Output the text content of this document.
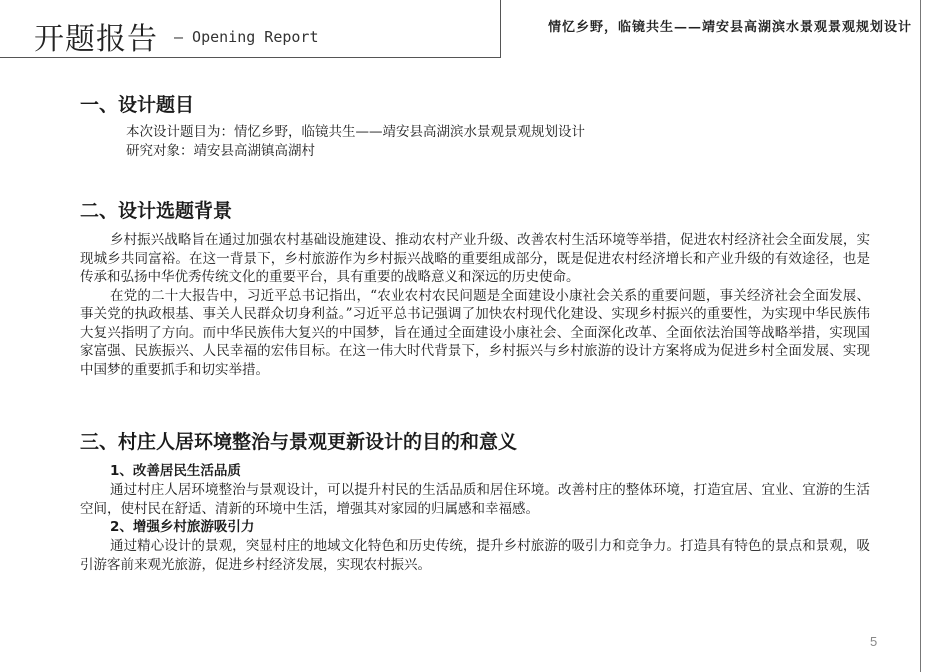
开题报告 — Opening Report
情忆乡野，临镜共生——靖安县高湖滨水景观景观规划设计
一、设计题目

本次设计题目为：情忆乡野，临镜共生——靖安县高湖滨水景观景观规划设计

研究对象：靖安县高湖镇高湖村

二、设计选题背景

乡村振兴战略旨在通过加强农村基础设施建设、推动农村产业升级、改善农村生活环境等举措，促进农村经济社会全面发展，实现城乡共同富裕。在这一背景下，乡村旅游作为乡村振兴战略的重要组成部分，既是促进农村经济增长和产业升级的有效途径，也是传承和弘扬中华优秀传统文化的重要平台，具有重要的战略意义和深远的历史使命。

在党的二十大报告中，习近平总书记指出，“农业农村农民问题是全面建设小康社会关系的重要问题，事关经济社会全面发展、事关党的执政根基、事关人民群众切身利益。”习近平总书记强调了加快农村现代化建设、实现乡村振兴的重要性，为实现中华民族伟大复兴指明了方向。而中华民族伟大复兴的中国梦，旨在通过全面建设小康社会、全面深化改革、全面依法治国等战略举措，实现国家富强、民族振兴、人民幸福的宏伟目标。在这一伟大时代背景下，乡村振兴与乡村旅游的设计方案将成为促进乡村全面发展、实现中国梦的重要抓手和切实举措。

三、村庄人居环境整治与景观更新设计的目的和意义
1、改善居民生活品质

通过村庄人居环境整治与景观设计，可以提升村民的生活品质和居住环境。改善村庄的整体环境，打造宜居、宜业、宜游的生活空间，使村民在舒适、清新的环境中生活，增强其对家园的归属感和幸福感。

2、增强乡村旅游吸引力

通过精心设计的景观，突显村庄的地域文化特色和历史传统，提升乡村旅游的吸引力和竞争力。打造具有特色的景点和景观，吸引游客前来观光旅游，促进乡村经济发展，实现农村振兴。

5
